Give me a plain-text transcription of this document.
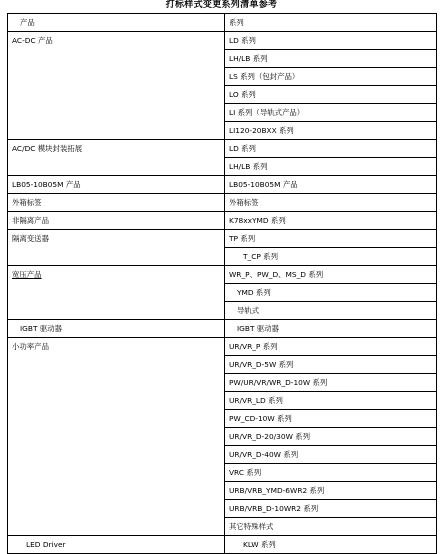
打标样式变更系列清单参考
产品	系列
AC-DC 产品	LD 系列
	LH/LB 系列
	LS 系列（包封产品）
	LO 系列
	LI 系列（导轨式产品）
	LI120-20BXX 系列
AC/DC 模块封装拓展	LD 系列
	LH/LB 系列
LB05-10B05M 产品	LB05-10B05M 产品
外箱标签	外箱标签
非隔离产品	K78xxYMD 系列
隔离变送器	TP 系列
	T_CP 系列
宽压产品	WR_P、PW_D、MS_D 系列
	YMD 系列
	导轨式
IGBT 驱动器	IGBT 驱动器
小功率产品	UR/VR_P 系列
	UR/VR_D-5W 系列
	PW/UR/VR/WR_D-10W 系列
	UR/VR_LD 系列
	PW_CD-10W 系列
	UR/VR_D-20/30W 系列
	UR/VR_D-40W 系列
	VRC 系列
	URB/VRB_YMD-6WR2 系列
	URB/VRB_D-10WR2 系列
	其它特殊样式
LED Driver	KLW 系列
